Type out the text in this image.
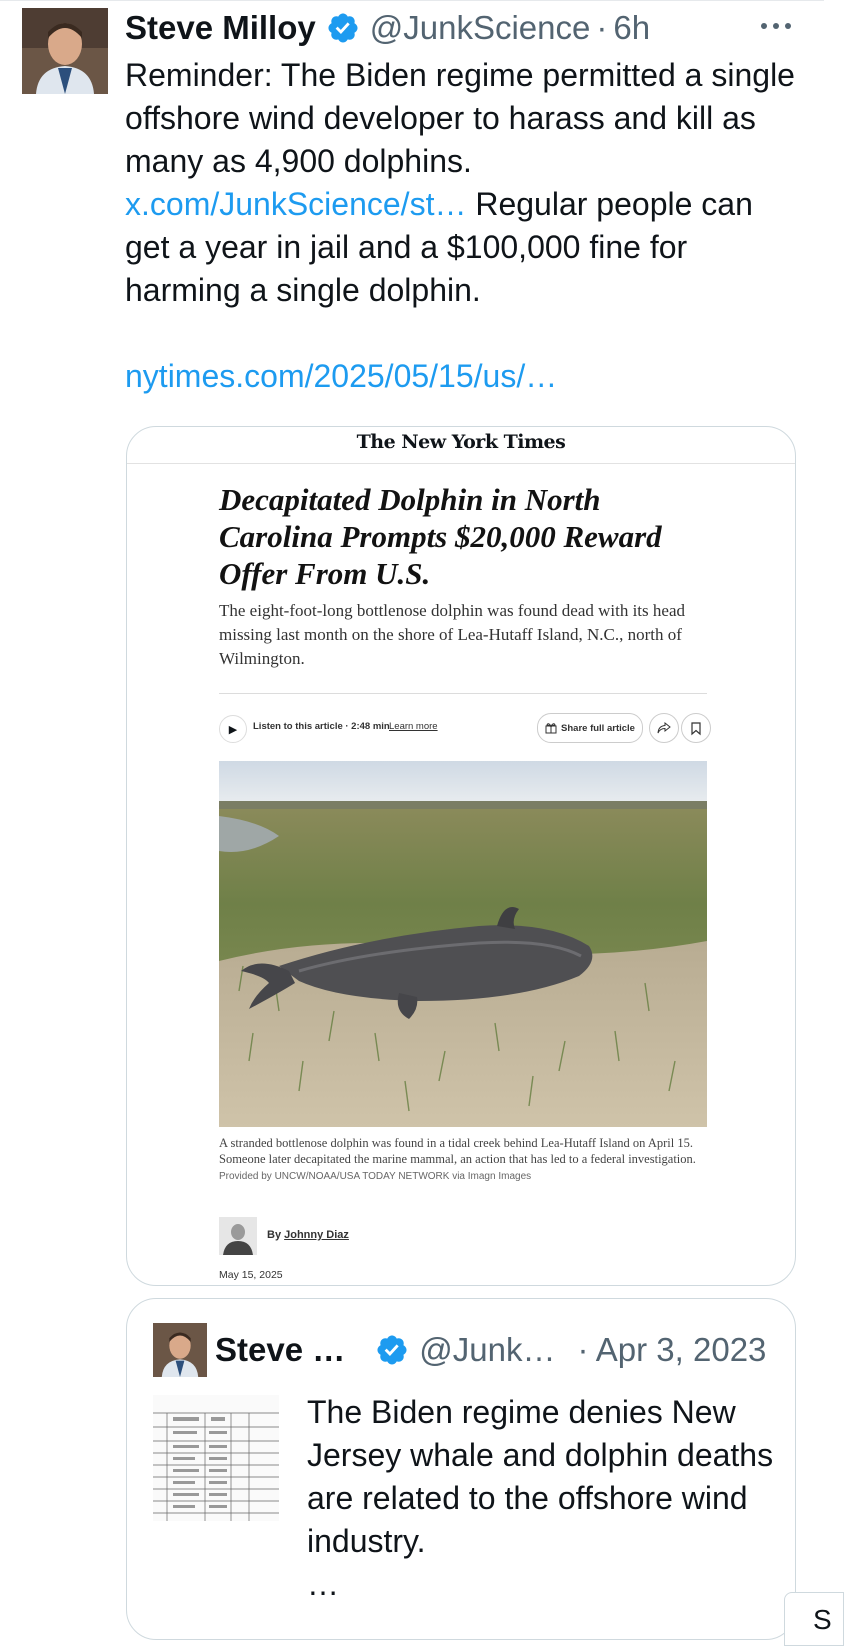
Steve Milloy @JunkScience · 6h
Reminder: The Biden regime permitted a single offshore wind developer to harass and kill as many as 4,900 dolphins.
x.com/JunkScience/st… Regular people can get a year in jail and a $100,000 fine for harming a single dolphin.

nytimes.com/2025/05/15/us/…
The New York Times
Decapitated Dolphin in North Carolina Prompts $20,000 Reward Offer From U.S.
The eight-foot-long bottlenose dolphin was found dead with its head missing last month on the shore of Lea-Hutaff Island, N.C., north of Wilmington.
▶	Listen to this article · 2:48 min Learn more	Share full article
A stranded bottlenose dolphin was found in a tidal creek behind Lea-Hutaff Island on April 15. Someone later decapitated the marine mammal, an action that has led to a federal investigation. Provided by UNCW/NOAA/USA TODAY NETWORK via Imagn Images
By Johnny Diaz
May 15, 2025
Steve … @Junk… · Apr 3, 2023
The Biden regime denies New Jersey whale and dolphin deaths are related to the offshore wind industry.
…
S
